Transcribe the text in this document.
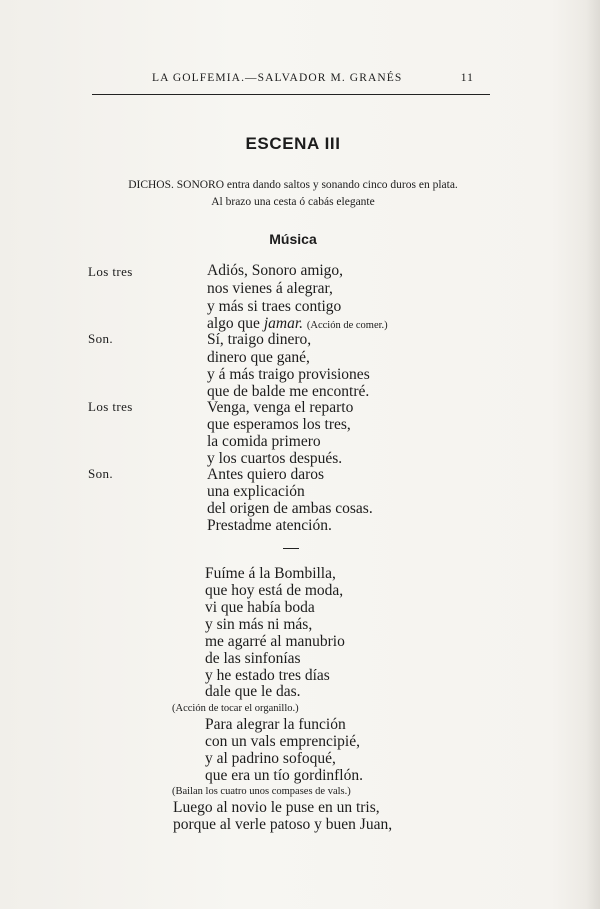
LA GOLFEMIA.—SALVADOR M. GRANÉS	11
ESCENA III
DICHOS. SONORO entra dando saltos y sonando cinco duros en plata.
Al brazo una cesta ó cabás elegante
Música
Los tres
Son.
Los tres
Son.
Adiós, Sonoro amigo,
nos vienes á alegrar,
y más si traes contigo
algo que jamar. (Acción de comer.)
Sí, traigo dinero,
dinero que gané,
y á más traigo provisiones
que de balde me encontré.
Venga, venga el reparto
que esperamos los tres,
la comida primero
y los cuartos después.
Antes quiero daros
una explicación
del origen de ambas cosas.
Prestadme atención.
Fuíme á la Bombilla,
que hoy está de moda,
vi que había boda
y sin más ni más,
me agarré al manubrio
de las sinfonías
y he estado tres días
dale que le das.
(Acción de tocar el organillo.)
Para alegrar la función
con un vals emprencipié,
y al padrino sofoqué,
que era un tío gordinflón.
(Bailan los cuatro unos compases de vals.)
Luego al novio le puse en un tris,
porque al verle patoso y buen Juan,
